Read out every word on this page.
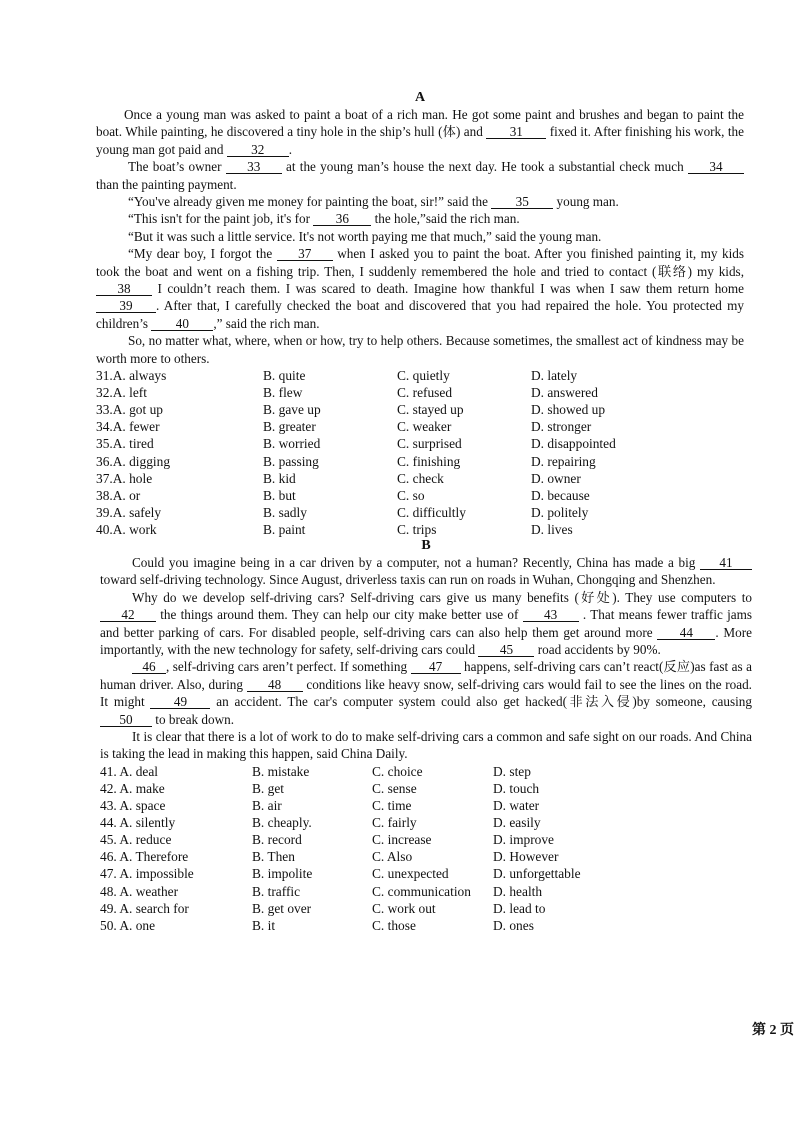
A
Once a young man was asked to paint a boat of a rich man. He got some paint and brushes and began to paint the boat. While painting, he discovered a tiny hole in the ship’s hull (体) and 31 fixed it. After finishing his work, the young man got paid and 32 .
The boat’s owner 33 at the young man’s house the next day. He took a substantial check much 34 than the painting payment.
“You've already given me money for painting the boat, sir!” said the 35 young man.
“This isn't for the paint job, it's for 36 the hole,”said the rich man.
“But it was such a little service. It's not worth paying me that much,” said the young man.
“My dear boy, I forgot the 37 when I asked you to paint the boat. After you finished painting it, my kids took the boat and went on a fishing trip. Then, I suddenly remembered the hole and tried to contact (联络) my kids, 38 I couldn’t reach them. I was scared to death. Imagine how thankful I was when I saw them return home 39 . After that, I carefully checked the boat and discovered that you had repaired the hole. You protected my children’s 40 ,” said the rich man.
So, no matter what, where, when or how, try to help others. Because sometimes, the smallest act of kindness may be worth more to others.
31.A. always	B. quite	C. quietly	D. lately
32.A. left	B. flew	C. refused	D. answered
33.A. got up	B. gave up	C. stayed up	D. showed up
34.A. fewer	B. greater	C. weaker	D. stronger
35.A. tired	B. worried	C. surprised	D. disappointed
36.A. digging	B. passing	C. finishing	D. repairing
37.A. hole	B. kid	C. check	D. owner
38.A. or	B. but	C. so	D. because
39.A. safely	B. sadly	C. difficultly	D. politely
40.A. work	B. paint	C. trips	D. lives
B
Could you imagine being in a car driven by a computer, not a human? Recently, China has made a big 41 toward self-driving technology. Since August, driverless taxis can run on roads in Wuhan, Chongqing and Shenzhen.
Why do we develop self-driving cars? Self-driving cars give us many benefits (好处). They use computers to 42 the things around them. They can help our city make better use of 43 . That means fewer traffic jams and better parking of cars. For disabled people, self-driving cars can also help them get around more 44 . More importantly, with the new technology for safety, self-driving cars could 45 road accidents by 90%.
46 , self-driving cars aren’t perfect. If something 47 happens, self-driving cars can’t react(反应)as fast as a human driver. Also, during 48 conditions like heavy snow, self-driving cars would fail to see the lines on the road. It might 49 an accident. The car's computer system could also get hacked(非法入侵)by someone, causing 50 to break down.
It is clear that there is a lot of work to do to make self-driving cars a common and safe sight on our roads. And China is taking the lead in making this happen, said China Daily.
41. A. deal	B. mistake	C. choice	D. step
42. A. make	B. get	C. sense	D. touch
43. A. space	B. air	C. time	D. water
44. A. silently	B. cheaply.	C. fairly	D. easily
45. A. reduce	B. record	C. increase	D. improve
46. A. Therefore	B. Then	C. Also	D. However
47. A. impossible	B. impolite	C. unexpected	D. unforgettable
48. A. weather	B. traffic	C. communication	D. health
49. A. search for	B. get over	C. work out	D. lead to
50. A. one	B. it	C. those	D. ones
第 2 页
